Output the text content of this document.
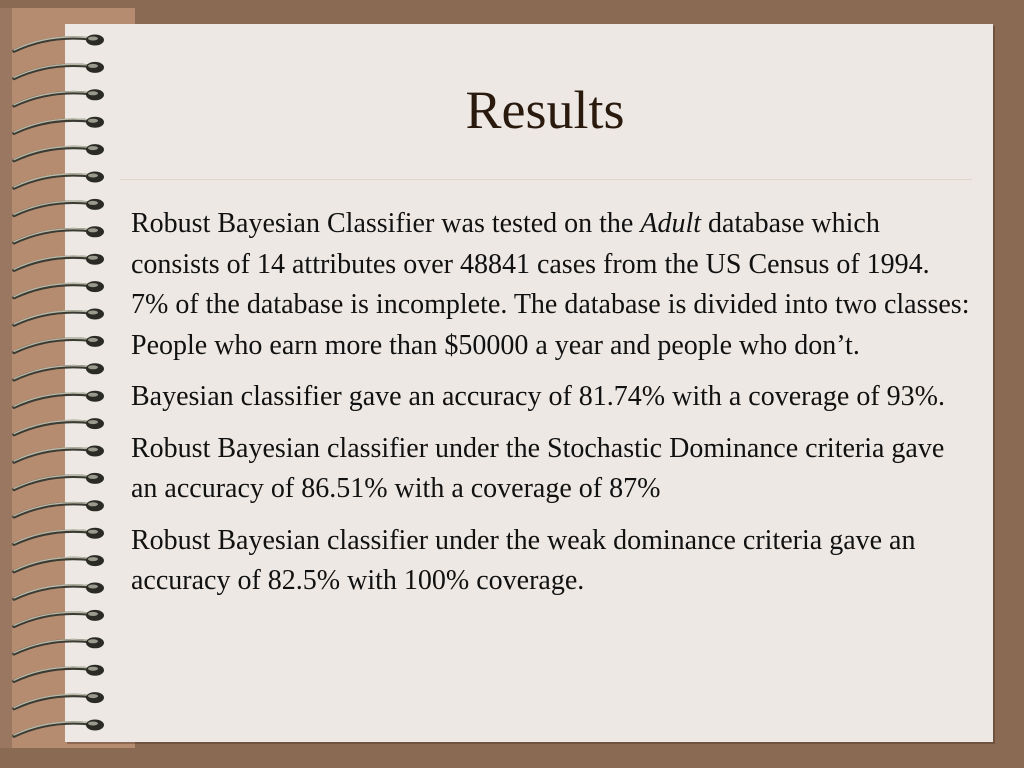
Results

Robust Bayesian Classifier was tested on the Adult database which consists of 14 attributes over 48841 cases from the US Census of 1994. 7% of the database is incomplete. The database is divided into two classes: People who earn more than $50000 a year and people who don’t.

Bayesian classifier gave an accuracy of 81.74% with a coverage of 93%.

Robust Bayesian classifier under the Stochastic Dominance criteria gave an accuracy of 86.51% with a coverage of 87%

Robust Bayesian classifier under the weak dominance criteria gave an accuracy of 82.5% with 100% coverage.
